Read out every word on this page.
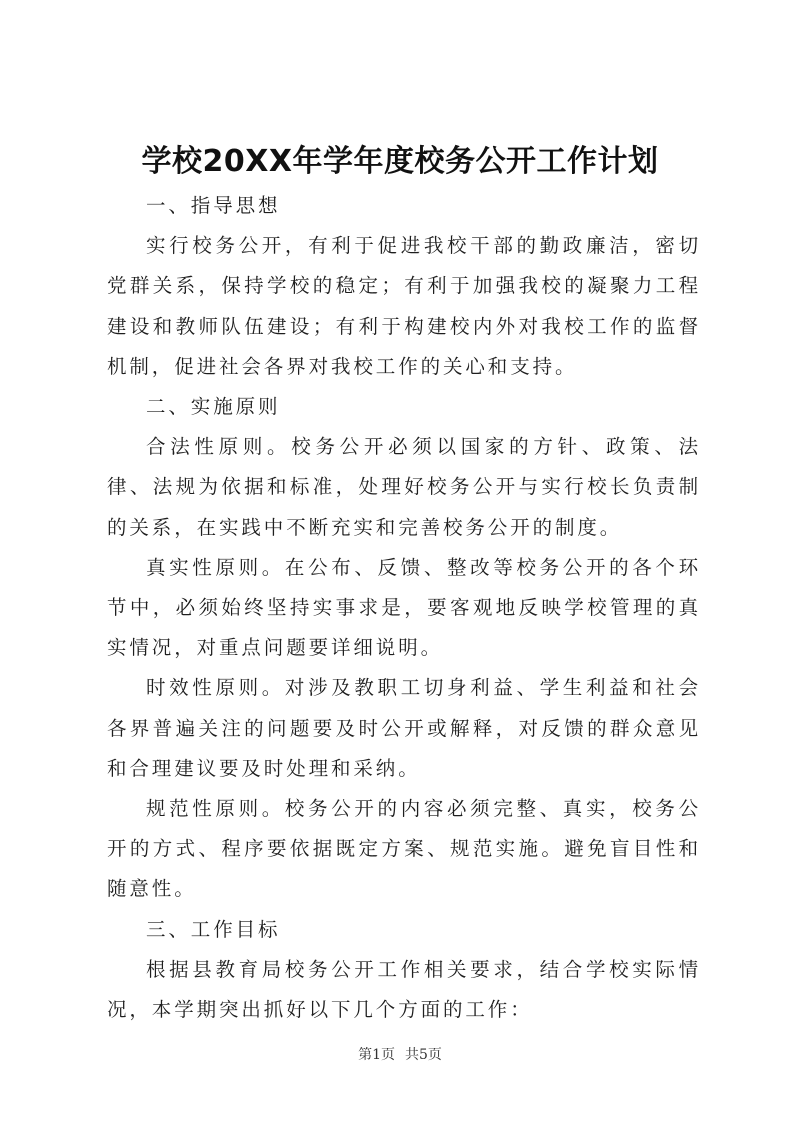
学校20XX年学年度校务公开工作计划

一、指导思想

实行校务公开，有利于促进我校干部的勤政廉洁，密切党群关系，保持学校的稳定；有利于加强我校的凝聚力工程建设和教师队伍建设；有利于构建校内外对我校工作的监督机制，促进社会各界对我校工作的关心和支持。

二、实施原则

合法性原则。校务公开必须以国家的方针、政策、法律、法规为依据和标准，处理好校务公开与实行校长负责制的关系，在实践中不断充实和完善校务公开的制度。

真实性原则。在公布、反馈、整改等校务公开的各个环节中，必须始终坚持实事求是，要客观地反映学校管理的真实情况，对重点问题要详细说明。

时效性原则。对涉及教职工切身利益、学生利益和社会各界普遍关注的问题要及时公开或解释，对反馈的群众意见和合理建议要及时处理和采纳。

规范性原则。校务公开的内容必须完整、真实，校务公开的方式、程序要依据既定方案、规范实施。避免盲目性和随意性。

三、工作目标

根据县教育局校务公开工作相关要求，结合学校实际情况，本学期突出抓好以下几个方面的工作：

第1页 共5页
